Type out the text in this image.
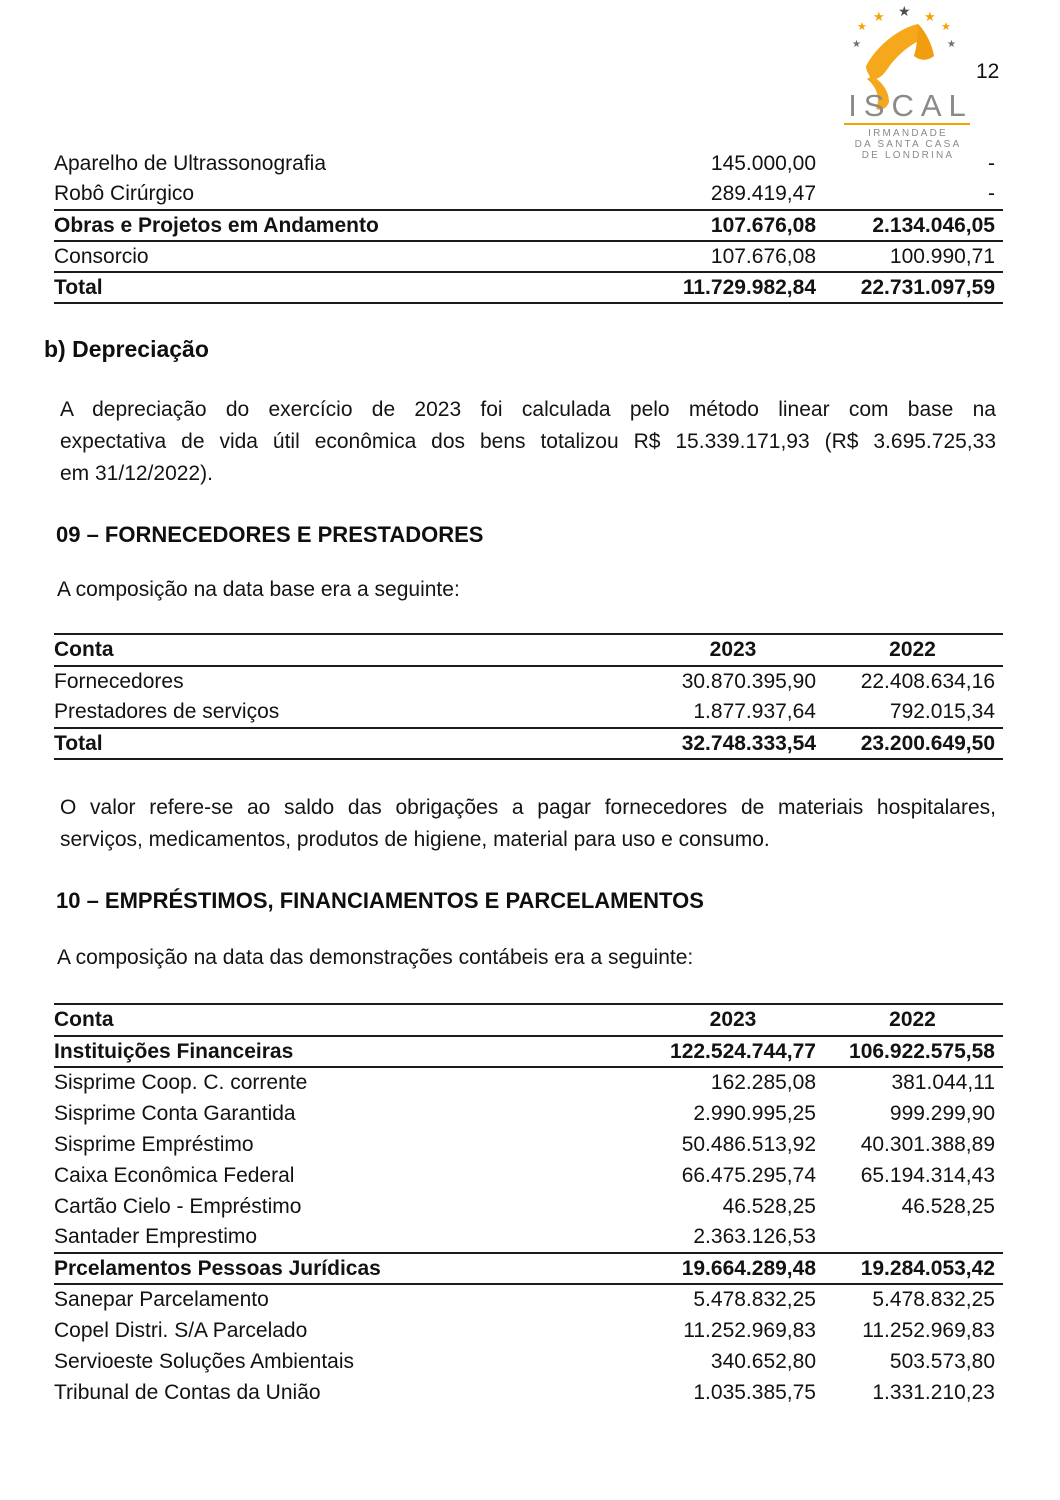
★
★
★ ★ ★
★
★
ISCAL
IRMANDADE
DA SANTA CASA
DE LONDRINA
12
Aparelho de Ultrassonografia	145.000,00	-
Robô Cirúrgico	289.419,47	-
Obras e Projetos em Andamento	107.676,08	2.134.046,05
Consorcio	107.676,08	100.990,71
Total	11.729.982,84	22.731.097,59
b) Depreciação
A depreciação do exercício de 2023 foi calculada pelo método linear com base na
expectativa de vida útil econômica dos bens totalizou R$ 15.339.171,93 (R$ 3.695.725,33
em 31/12/2022).
09 – FORNECEDORES E PRESTADORES
A composição na data base era a seguinte:
Conta	2023	2022
Fornecedores	30.870.395,90	22.408.634,16
Prestadores de serviços	1.877.937,64	792.015,34
Total	32.748.333,54	23.200.649,50
O valor refere-se ao saldo das obrigações a pagar fornecedores de materiais hospitalares,
serviços, medicamentos, produtos de higiene, material para uso e consumo.
10 – EMPRÉSTIMOS, FINANCIAMENTOS E PARCELAMENTOS
A composição na data das demonstrações contábeis era a seguinte:
Conta	2023	2022
Instituições Financeiras	122.524.744,77	106.922.575,58
Sisprime Coop. C. corrente	162.285,08	381.044,11
Sisprime Conta Garantida	2.990.995,25	999.299,90
Sisprime Empréstimo	50.486.513,92	40.301.388,89
Caixa Econômica Federal	66.475.295,74	65.194.314,43
Cartão Cielo - Empréstimo	46.528,25	46.528,25
Santader Emprestimo	2.363.126,53	
Prcelamentos Pessoas Jurídicas	19.664.289,48	19.284.053,42
Sanepar Parcelamento	5.478.832,25	5.478.832,25
Copel Distri. S/A Parcelado	11.252.969,83	11.252.969,83
Servioeste Soluções Ambientais	340.652,80	503.573,80
Tribunal de Contas da União	1.035.385,75	1.331.210,23
